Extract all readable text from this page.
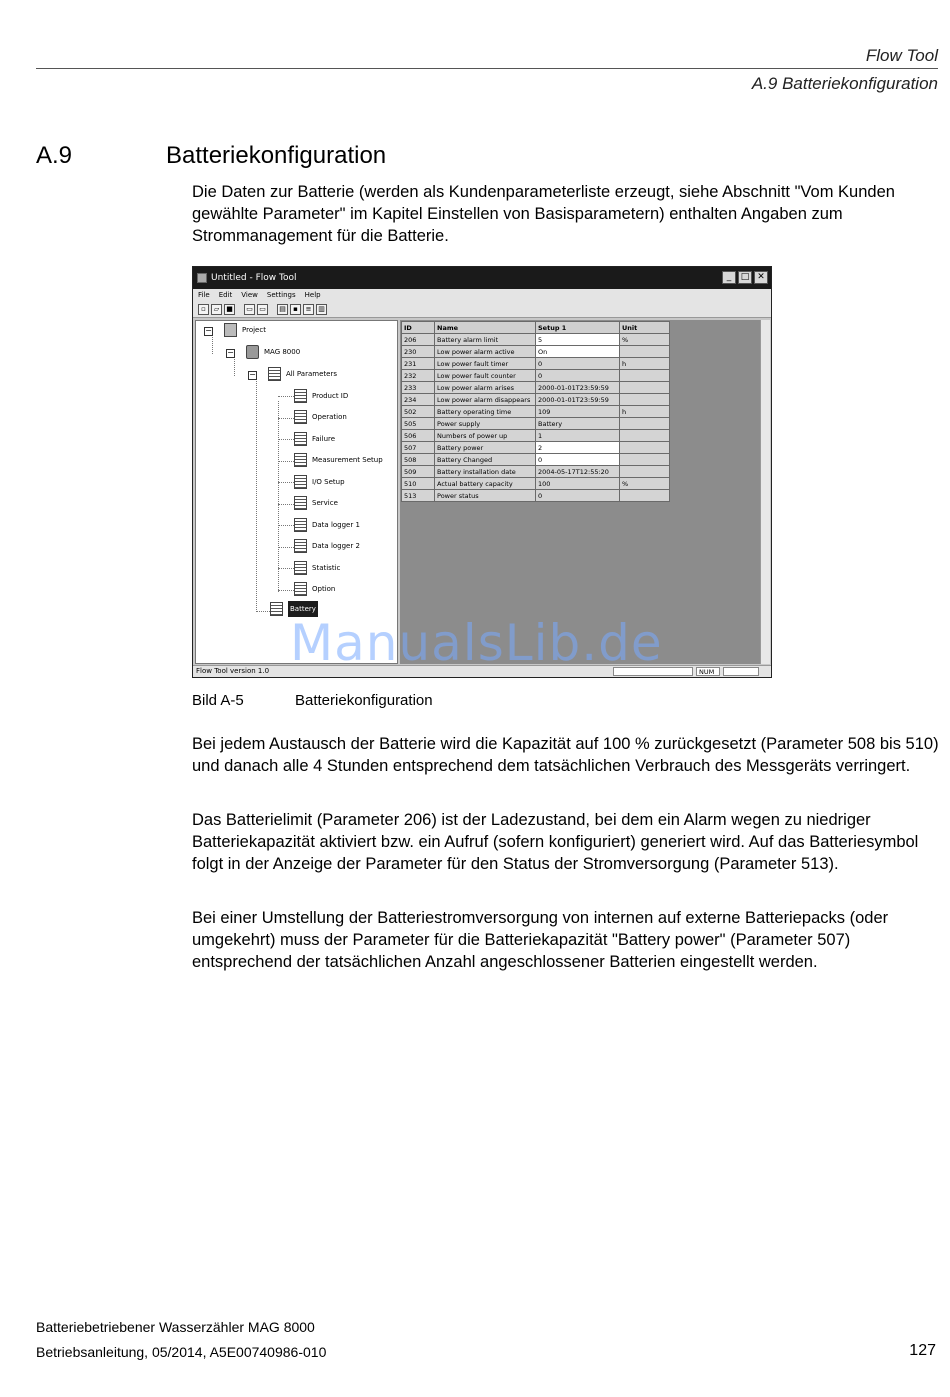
Flow Tool
A.9 Batteriekonfiguration
A.9	Batteriekonfiguration

Die Daten zur Batterie (werden als Kundenparameterliste erzeugt, siehe Abschnitt "Vom Kunden gewählte Parameter" im Kapitel Einstellen von Basisparametern) enthalten Angaben zum Strommanagement für die Batterie.

Untitled - Flow Tool	_	□ ✕
File Edit View Settings Help
▫	▱	■	▭ ▭	▤	▪	≡ ▥
−	Project
−	MAG 8000
−	All Parameters
Product ID
Operation
Failure
Measurement Setup
I/O Setup
Service
Data logger 1
Data logger 2
Statistic
Option
Battery
ID	Name	Setup 1	Unit
206	Battery alarm limit	5	%
230	Low power alarm active	On	
231	Low power fault timer	0	h
232	Low power fault counter	0	
233	Low power alarm arises	2000-01-01T23:59:59	
234	Low power alarm disappears	2000-01-01T23:59:59	
502	Battery operating time	109	h
505	Power supply	Battery	
506	Numbers of power up	1	
507	Battery power	2	
508	Battery Changed	0	
509	Battery installation date	2004-05-17T12:55:20	
510	Actual battery capacity	100	%
513	Power status	0	
Flow Tool version 1.0	NUM
ManualsLib.de
Bild A-5	Batteriekonfiguration

Bei jedem Austausch der Batterie wird die Kapazität auf 100 % zurückgesetzt (Parameter 508 bis 510) und danach alle 4 Stunden entsprechend dem tatsächlichen Verbrauch des Messgeräts verringert.

Das Batterielimit (Parameter 206) ist der Ladezustand, bei dem ein Alarm wegen zu niedriger Batteriekapazität aktiviert bzw. ein Aufruf (sofern konfiguriert) generiert wird. Auf das Batteriesymbol folgt in der Anzeige der Parameter für den Status der Stromversorgung (Parameter 513).

Bei einer Umstellung der Batteriestromversorgung von internen auf externe Batteriepacks (oder umgekehrt) muss der Parameter für die Batteriekapazität "Battery power" (Parameter 507) entsprechend der tatsächlichen Anzahl angeschlossener Batterien eingestellt werden.

Batteriebetriebener Wasserzähler MAG 8000
Betriebsanleitung, 05/2014, A5E00740986-010	127
